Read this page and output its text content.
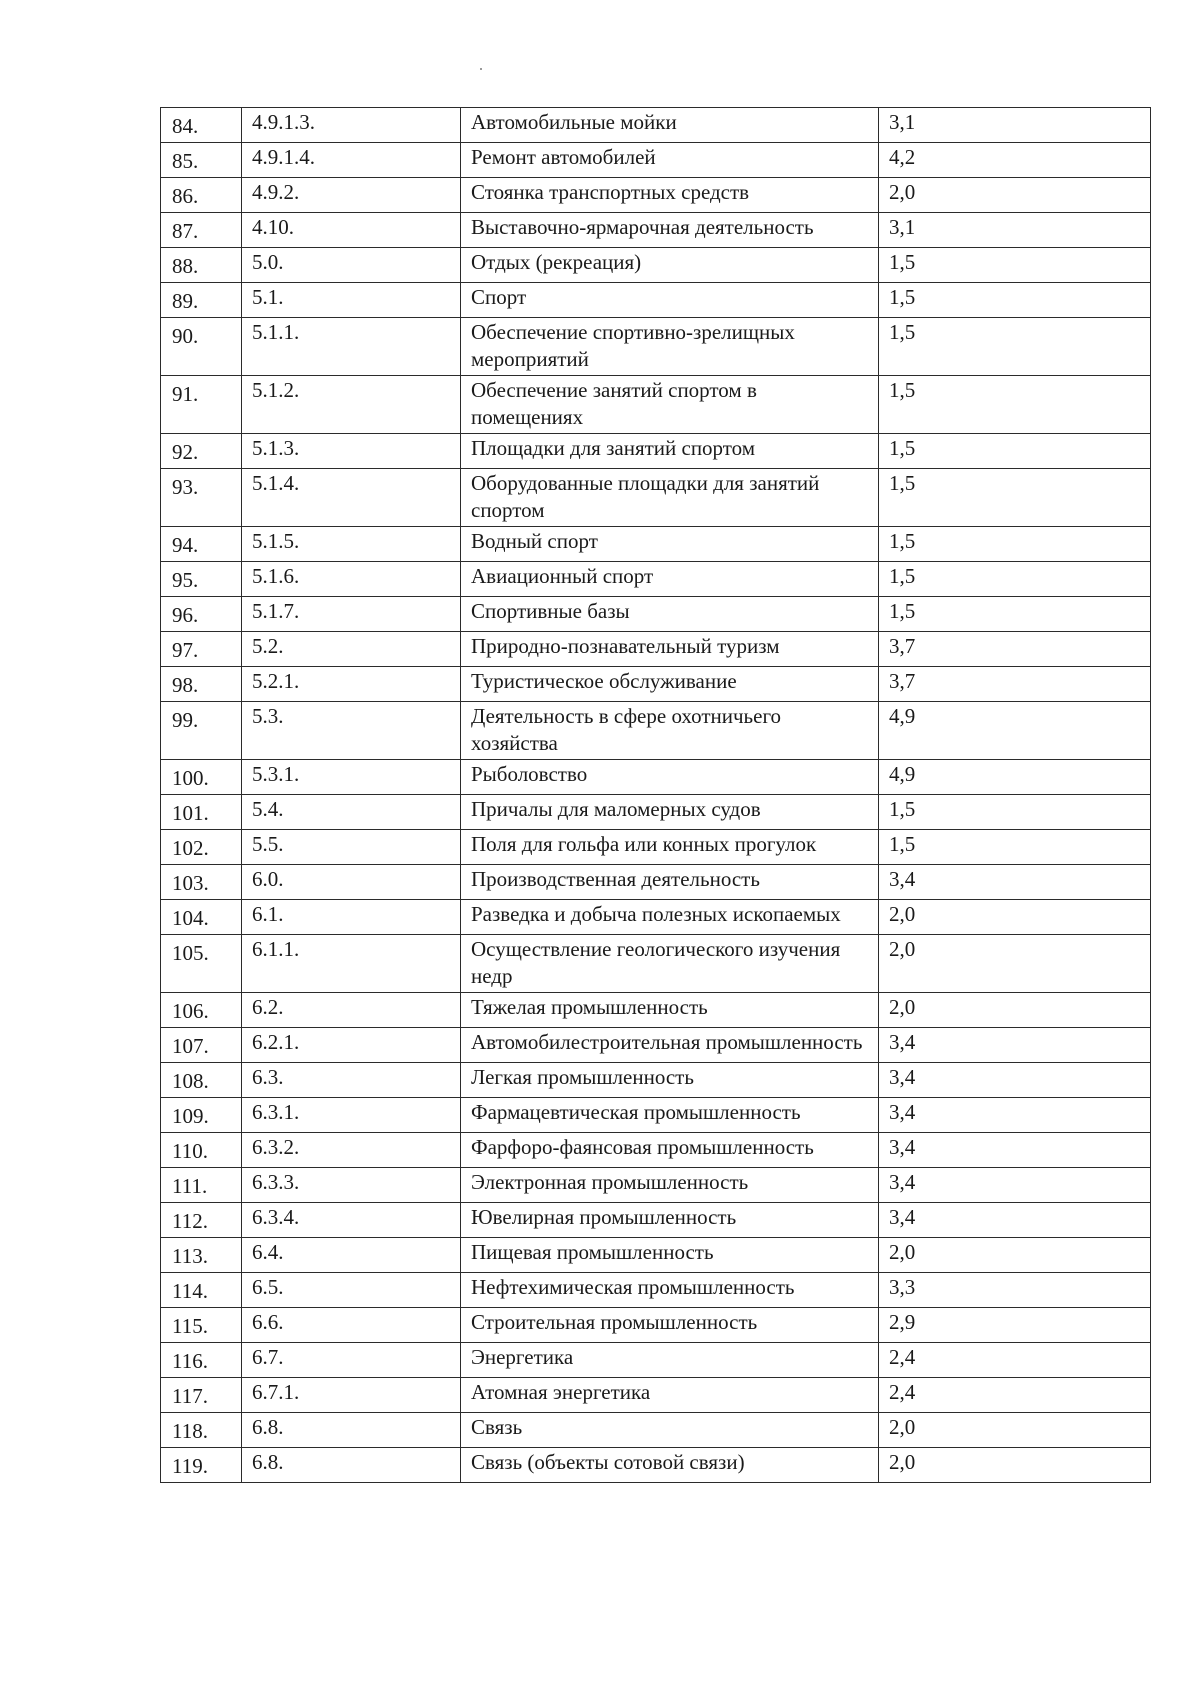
84.	4.9.1.3.	Автомобильные мойки	3,1
85.	4.9.1.4.	Ремонт автомобилей	4,2
86.	4.9.2.	Стоянка транспортных средств	2,0
87.	4.10.	Выставочно-ярмарочная деятельность	3,1
88.	5.0.	Отдых (рекреация)	1,5
89.	5.1.	Спорт	1,5
90.	5.1.1.	Обеспечение спортивно-зрелищных мероприятий	1,5
91.	5.1.2.	Обеспечение занятий спортом в помещениях	1,5
92.	5.1.3.	Площадки для занятий спортом	1,5
93.	5.1.4.	Оборудованные площадки для занятий спортом	1,5
94.	5.1.5.	Водный спорт	1,5
95.	5.1.6.	Авиационный спорт	1,5
96.	5.1.7.	Спортивные базы	1,5
97.	5.2.	Природно-познавательный туризм	3,7
98.	5.2.1.	Туристическое обслуживание	3,7
99.	5.3.	Деятельность в сфере охотничьего хозяйства	4,9
100.	5.3.1.	Рыболовство	4,9
101.	5.4.	Причалы для маломерных судов	1,5
102.	5.5.	Поля для гольфа или конных прогулок	1,5
103.	6.0.	Производственная деятельность	3,4
104.	6.1.	Разведка и добыча полезных ископаемых	2,0
105.	6.1.1.	Осуществление геологического изучения недр	2,0
106.	6.2.	Тяжелая промышленность	2,0
107.	6.2.1.	Автомобилестроительная промышленность	3,4
108.	6.3.	Легкая промышленность	3,4
109.	6.3.1.	Фармацевтическая промышленность	3,4
110.	6.3.2.	Фарфоро-фаянсовая промышленность	3,4
111.	6.3.3.	Электронная промышленность	3,4
112.	6.3.4.	Ювелирная промышленность	3,4
113.	6.4.	Пищевая промышленность	2,0
114.	6.5.	Нефтехимическая промышленность	3,3
115.	6.6.	Строительная промышленность	2,9
116.	6.7.	Энергетика	2,4
117.	6.7.1.	Атомная энергетика	2,4
118.	6.8.	Связь	2,0
119.	6.8.	Связь (объекты сотовой связи)	2,0
